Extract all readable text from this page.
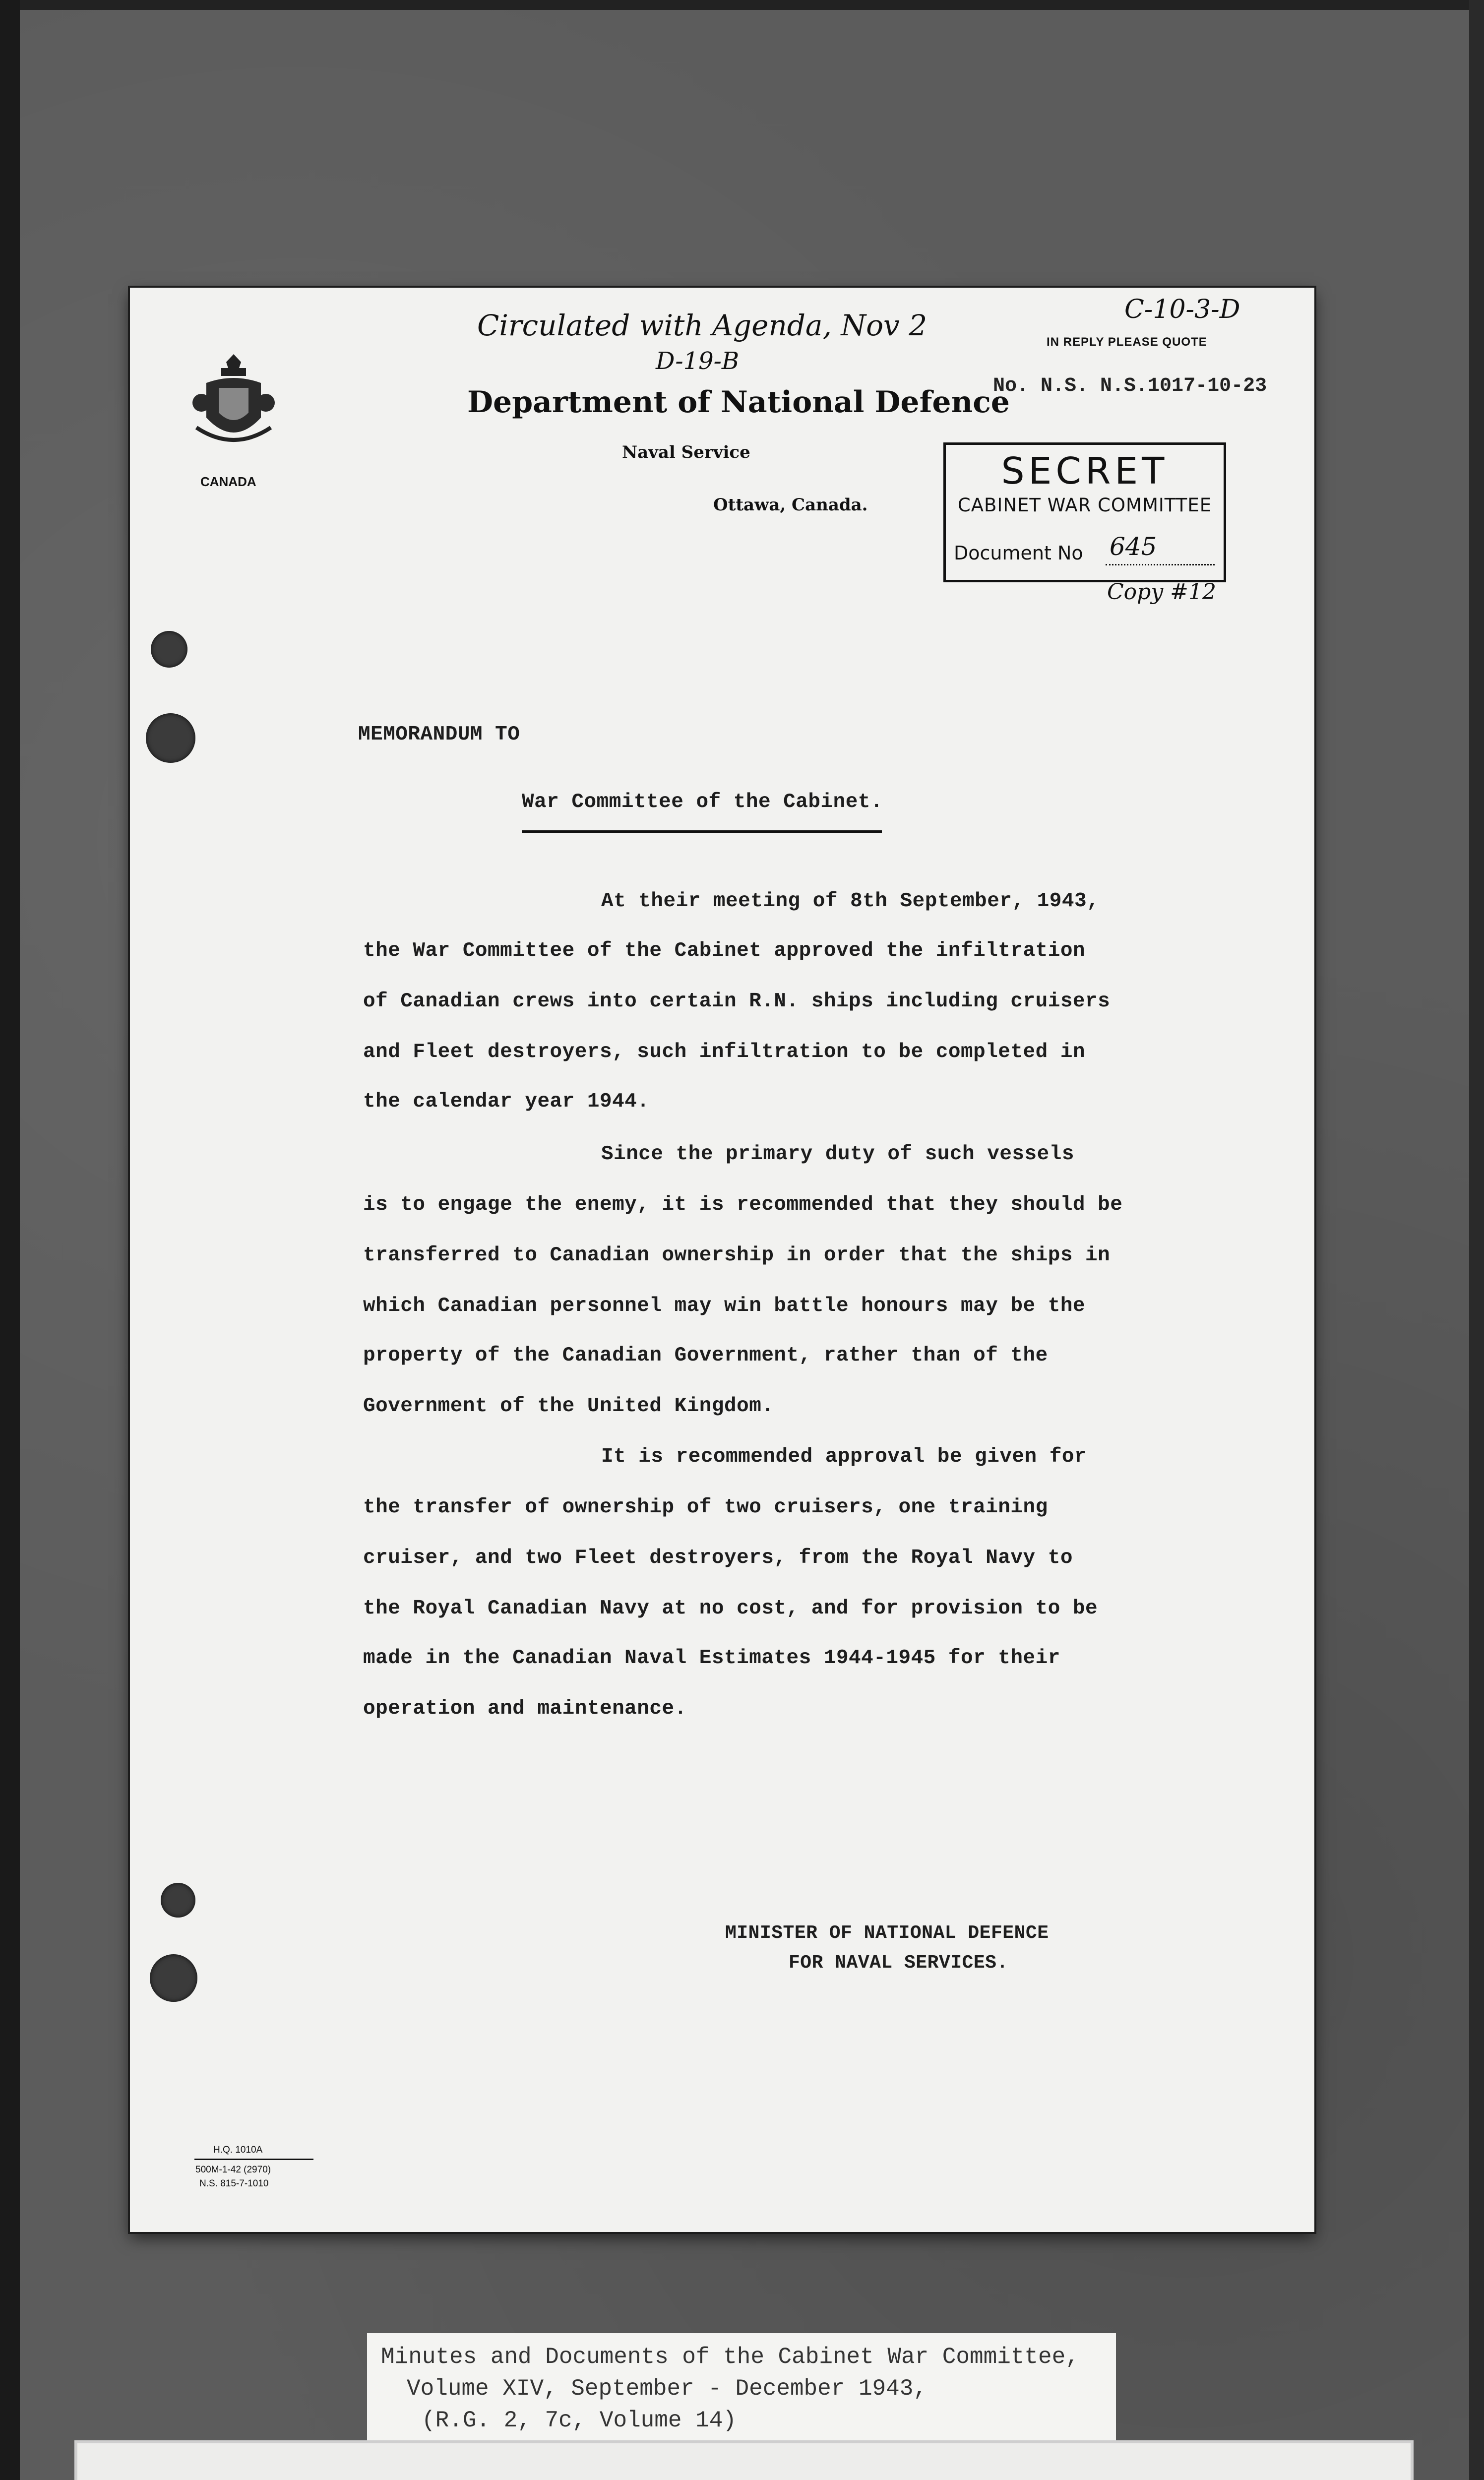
Circulated with Agenda, Nov 2	C-10-3-D
D-19-B
Copy #12
CANADA
Department of National Defence
Naval Service
Ottawa, Canada.
IN REPLY PLEASE QUOTE
No. N.S. N.S.1017-10-23
SECRET
CABINET WAR COMMITTEE
Document No 645
MEMORANDUM TO
War Committee of the Cabinet.
At their meeting of 8th September, 1943,
the War Committee of the Cabinet approved the infiltration
of Canadian crews into certain R.N. ships including cruisers
and Fleet destroyers, such infiltration to be completed in
the calendar year 1944.
Since the primary duty of such vessels
is to engage the enemy, it is recommended that they should be
transferred to Canadian ownership in order that the ships in
which Canadian personnel may win battle honours may be the
property of the Canadian Government, rather than of the
Government of the United Kingdom.
It is recommended approval be given for
the transfer of ownership of two cruisers, one training
cruiser, and two Fleet destroyers, from the Royal Navy to
the Royal Canadian Navy at no cost, and for provision to be
made in the Canadian Naval Estimates 1944-1945 for their
operation and maintenance.
MINISTER OF NATIONAL DEFENCE
FOR NAVAL SERVICES.
H.Q. 1010A
500M-1-42 (2970)
N.S. 815-7-1010
Minutes and Documents of the Cabinet War Committee,
Volume XIV, September - December 1943,
(R.G. 2, 7c, Volume 14)
